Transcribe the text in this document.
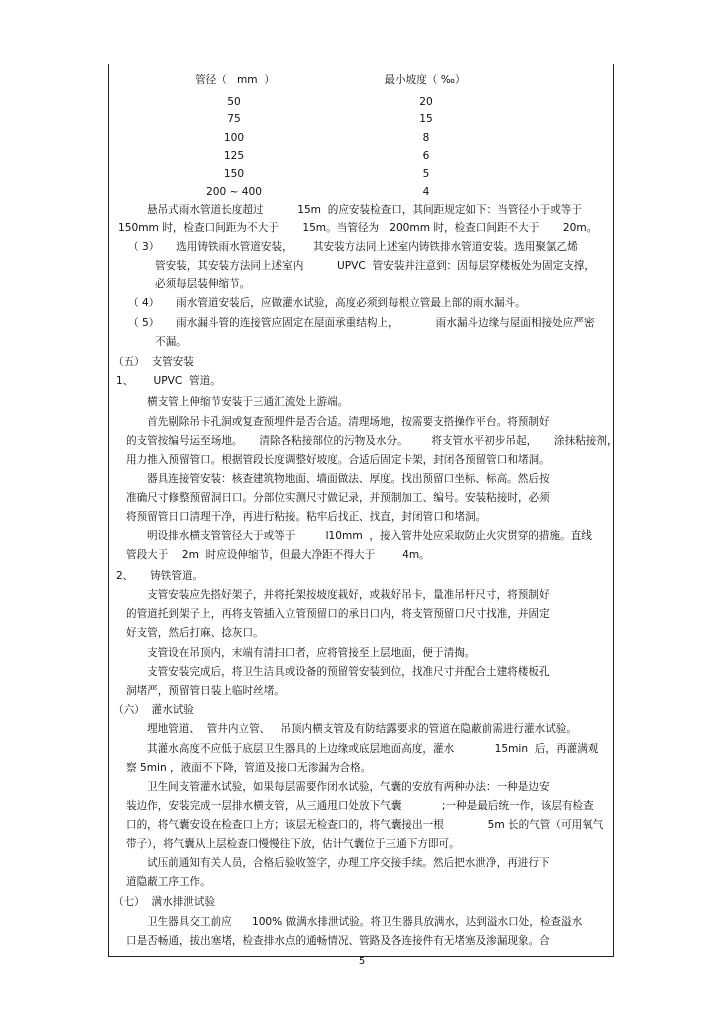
管径（   mm  ）	最小坡度（ ‰）
50	20
75	15
100	8
125	6
150	5
200 ~ 400	4
悬吊式雨水管道长度超过          15m  的应安装检查口，其间距规定如下：当管径小于或等于
150mm 时，检查口间距为不大于       15m。当管径为   200mm 时，检查口间距不大于       20m。
（ 3）     选用铸铁雨水管道安装，      其安装方法同上述室内铸铁排水管道安装。选用聚氯乙烯
管安装，其安装方法同上述室内          UPVC  管安装并注意到：因每层穿楼板处为固定支撑，
必须每层装伸缩节。
（ 4）     雨水管道安装后，应做灌水试验，高度必须到每根立管最上部的雨水漏斗。
（ 5）     雨水漏斗管的连接管应固定在屋面承重结构上，           雨水漏斗边缘与屋面相接处应严密
不漏。
（五）  支管安装
1、      UPVC  管道。
横支管上伸缩节安装于三通汇流处上游端。
首先剔除吊卡孔洞或复查预埋件是否合适。清理场地，按需要支搭操作平台。将预制好
的支管按编号运至场地。     清除各粘接部位的污物及水分。       将支管水平初步吊起，     涂抹粘接剂，
用力推入预留管口。根据管段长度调整好坡度。合适后固定卡架，封闭各预留管口和堵洞。
器具连接管安装：核查建筑物地面、墙面做法、厚度。找出预留口坐标、标高。然后按
准确尺寸修整预留洞日口。分部位实测尺寸做记录，并预制加工、编号。安装粘接时，必须
将预留管日口清理干净，再进行粘接。粘牢后找正、找直，封闭管口和堵洞。
明设排水横支管管径大于或等于         l10mm  ，接入管井处应采取防止火灾贯穿的措施。直线
管段大于    2m  时应设伸缩节，但最大净距不得大于        4m。
2、     铸铁管道。
支管安装应先搭好架子，并将托架按坡度栽好，或栽好吊卡，量准吊杆尺寸，将预制好
的管道托到架子上，再将支管插入立管预留口的承日口内，将支管预留口尺寸找准，并固定
好支管，然后打麻、捻灰口。
支管设在吊顶内，末端有清扫口者，应将管接至上层地面，便于清掏。
支管安装完成后，将卫生洁具或设备的预留管安装到位，找准尺寸并配合土建将楼板孔
洞堵严，预留管日装上临时丝堵。
（六）  灌水试验
埋地管道、  管井内立管、   吊顶内横支管及有防结露要求的管道在隐蔽前需进行灌水试验。
其灌水高度不应低于底层卫生器具的上边缘或底层地面高度，灌水            15min  后，再灌满观
察 5min ，液面不下降，管道及接口无渗漏为合格。
卫生间支管灌水试验，如果每层需要作闭水试验，气囊的安放有两种办法：一种是边安
装边作，安装完成一层排水横支管，从三通甩口处放下气囊            ;一种是最后统一作，该层有检查
口的，将气囊安设在检查口上方；该层无检查口的，将气囊接出一根             5m 长的气管（可用氧气
带子），将气囊从上层检查口慢慢往下放，估计气囊位于三通下方即可。
试压前通知有关人员，合格后验收签字，办理工序交接手续。然后把水泄净，再进行下
道隐蔽工序工作。
（七）  满水排泄试验
卫生器具交工前应      100% 做满水排泄试验。将卫生器具放满水，达到溢水口处，检查溢水
口是否畅通，拔出塞堵，检查排水点的通畅情况、管路及各连接件有无堵塞及渗漏现象。合
5
